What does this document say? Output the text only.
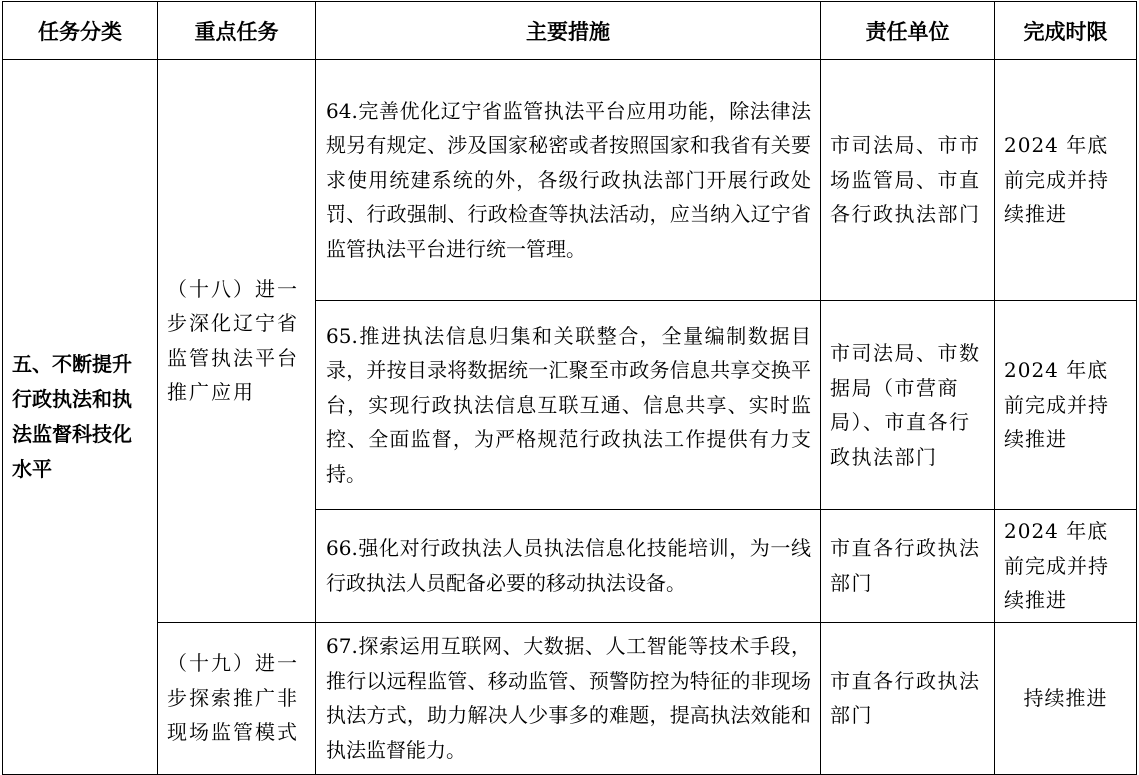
任务分类	重点任务	主要措施	责任单位	完成时限
五、不断提升行政执法和执法监督科技化水平	（十八）进一步深化辽宁省监管执法平台推广应用	64.完善优化辽宁省监管执法平台应用功能，除法律法规另有规定、涉及国家秘密或者按照国家和我省有关要求使用统建系统的外，各级行政执法部门开展行政处罚、行政强制、行政检查等执法活动，应当纳入辽宁省监管执法平台进行统一管理。	市司法局、市市场监管局、市直各行政执法部门	2024 年底前完成并持续推进
		65.推进执法信息归集和关联整合，全量编制数据目录，并按目录将数据统一汇聚至市政务信息共享交换平台，实现行政执法信息互联互通、信息共享、实时监控、全面监督，为严格规范行政执法工作提供有力支持。	市司法局、市数据局（市营商局）、市直各行政执法部门	2024 年底前完成并持续推进
		66.强化对行政执法人员执法信息化技能培训，为一线行政执法人员配备必要的移动执法设备。	市直各行政执法部门	2024 年底前完成并持续推进
	（十九）进一步探索推广非现场监管模式	67.探索运用互联网、大数据、人工智能等技术手段，推行以远程监管、移动监管、预警防控为特征的非现场执法方式，助力解决人少事多的难题，提高执法效能和执法监督能力。	市直各行政执法部门	持续推进
